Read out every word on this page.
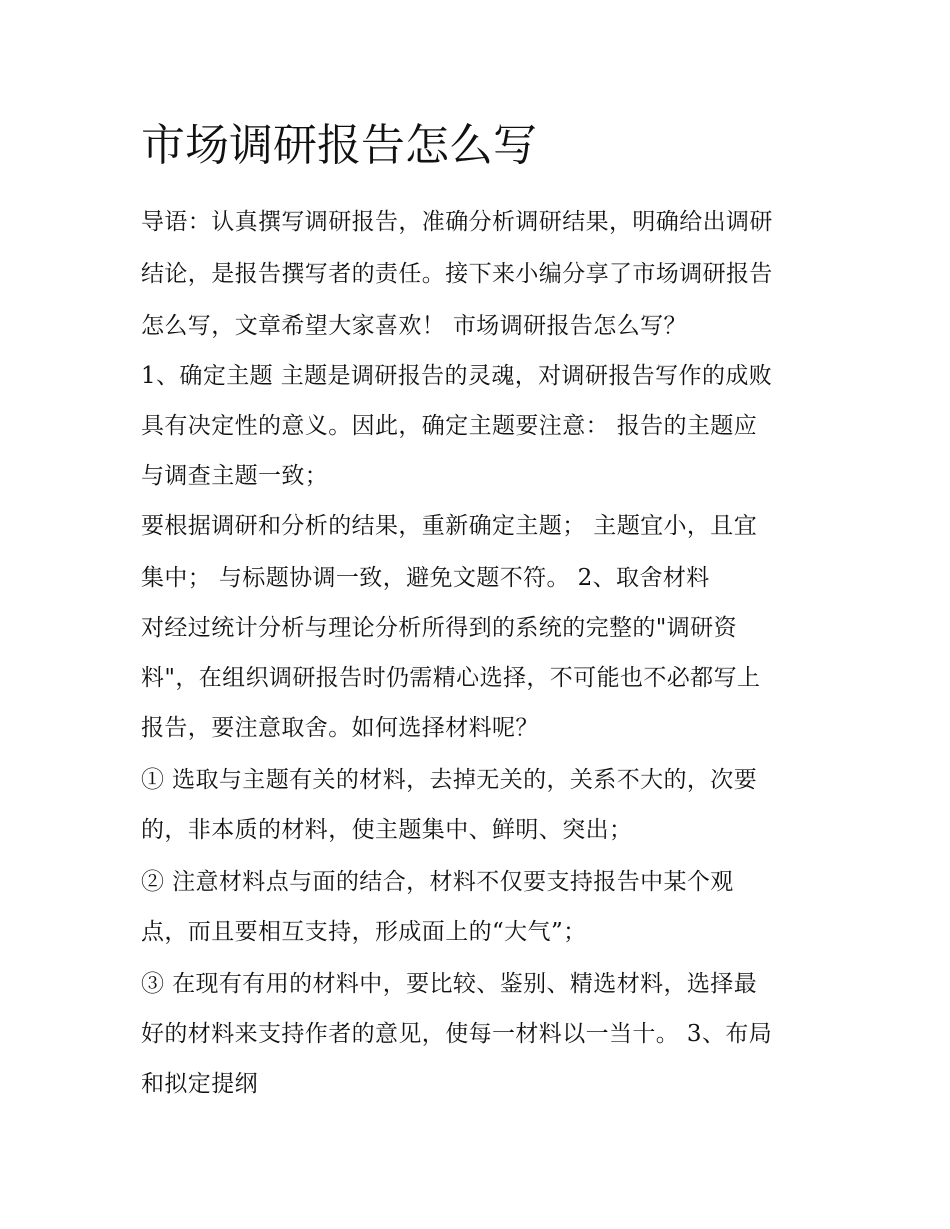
市场调研报告怎么写

导语：认真撰写调研报告，准确分析调研结果，明确给出调研

结论，是报告撰写者的责任。接下来小编分享了市场调研报告

怎么写，文章希望大家喜欢！ 市场调研报告怎么写？

1、确定主题 主题是调研报告的灵魂，对调研报告写作的成败

具有决定性的意义。因此，确定主题要注意： 报告的主题应

与调查主题一致；

要根据调研和分析的结果，重新确定主题； 主题宜小，且宜

集中； 与标题协调一致，避免文题不符。 2、取舍材料

对经过统计分析与理论分析所得到的系统的完整的"调研资

料"，在组织调研报告时仍需精心选择，不可能也不必都写上

报告，要注意取舍。如何选择材料呢？

① 选取与主题有关的材料，去掉无关的，关系不大的，次要

的，非本质的材料，使主题集中、鲜明、突出；

② 注意材料点与面的结合，材料不仅要支持报告中某个观

点，而且要相互支持，形成面上的“大气”；

③ 在现有有用的材料中，要比较、鉴别、精选材料，选择最

好的材料来支持作者的意见，使每一材料以一当十。 3、布局

和拟定提纲
